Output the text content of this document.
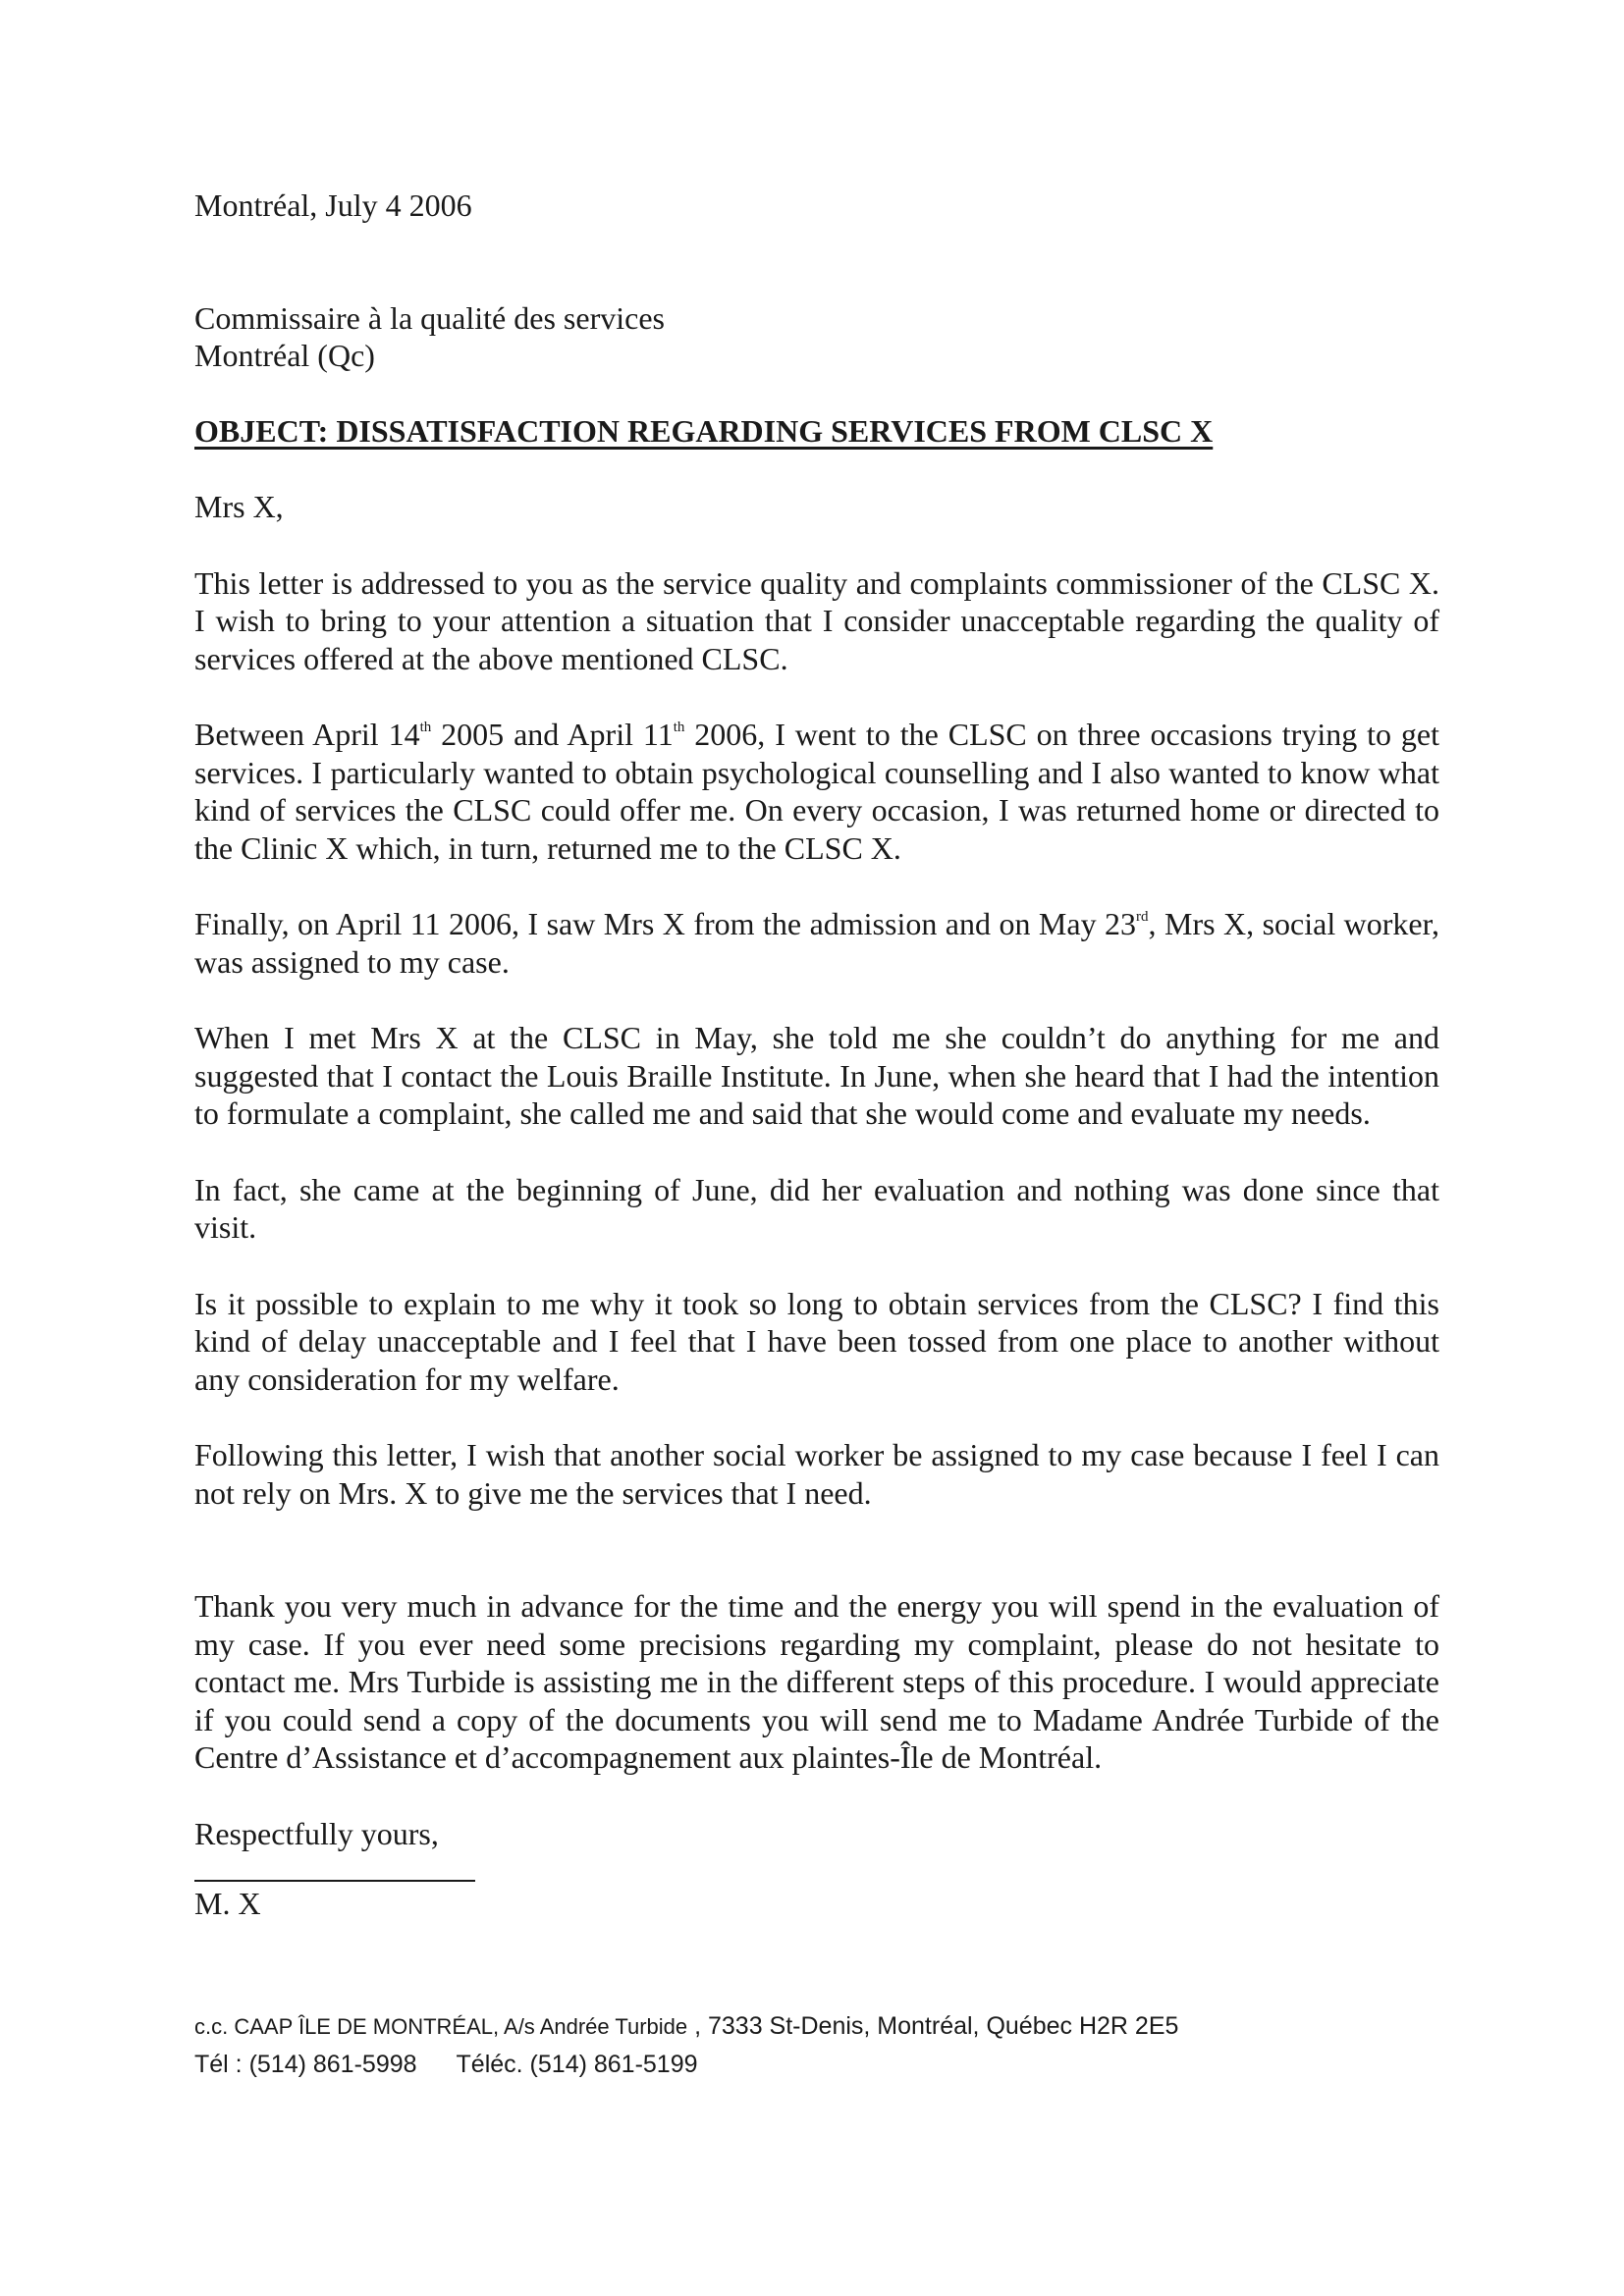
Montréal, July 4 2006
Commissaire à la qualité des services
Montréal (Qc)
OBJECT: DISSATISFACTION REGARDING SERVICES FROM CLSC X
Mrs X,

This letter is addressed to you as the service quality and complaints commissioner of the CLSC X. I wish to bring to your attention a situation that I consider unacceptable regarding the quality of services offered at the above mentioned CLSC.

Between April 14th 2005 and April 11th 2006, I went to the CLSC on three occasions trying to get services. I particularly wanted to obtain psychological counselling and I also wanted to know what kind of services the CLSC could offer me. On every occasion, I was returned home or directed to the Clinic X which, in turn, returned me to the CLSC X.

Finally, on April 11 2006, I saw Mrs X from the admission and on May 23rd, Mrs X, social worker, was assigned to my case.

When I met Mrs X at the CLSC in May, she told me she couldn’t do anything for me and suggested that I contact the Louis Braille Institute. In June, when she heard that I had the intention to formulate a complaint, she called me and said that she would come and evaluate my needs.

In fact, she came at the beginning of June, did her evaluation and nothing was done since that visit.

Is it possible to explain to me why it took so long to obtain services from the CLSC? I find this kind of delay unacceptable and I feel that I have been tossed from one place to another without any consideration for my welfare.

Following this letter, I wish that another social worker be assigned to my case because I feel I can not rely on Mrs. X to give me the services that I need.

Thank you very much in advance for the time and the energy you will spend in the evaluation of my case. If you ever need some precisions regarding my complaint, please do not hesitate to contact me. Mrs Turbide is assisting me in the different steps of this procedure. I would appreciate if you could send a copy of the documents you will send me to Madame Andrée Turbide of the Centre d’Assistance et d’accompagnement aux plaintes-Île de Montréal.

Respectfully yours,
M. X
c.c. CAAP ÎLE DE MONTRÉAL, A/s Andrée Turbide , 7333 St-Denis, Montréal, Québec H2R 2E5
Tél : (514) 861-5998 Téléc. (514) 861-5199
